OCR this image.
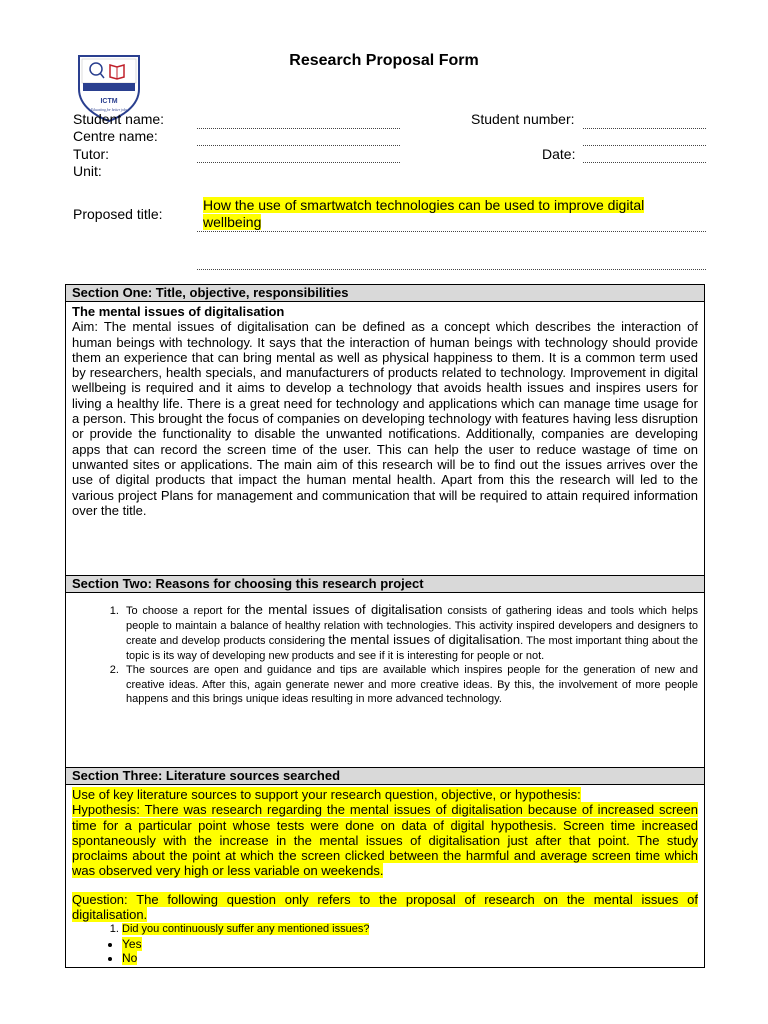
ICTM
Educating for better jobs
Research Proposal Form
Student name:	Student number:
Centre name:
Tutor:	Date:
Unit:
Proposed title:
How the use of smartwatch technologies can be used to improve digital wellbeing
Section One: Title, objective, responsibilities
The mental issues of digitalisation
Aim: The mental issues of digitalisation can be defined as a concept which describes the interaction of human beings with technology. It says that the interaction of human beings with technology should provide them an experience that can bring mental as well as physical happiness to them. It is a common term used by researchers, health specials, and manufacturers of products related to technology. Improvement in digital wellbeing is required and it aims to develop a technology that avoids health issues and inspires users for living a healthy life. There is a great need for technology and applications which can manage time usage for a person. This brought the focus of companies on developing technology with features having less disruption or provide the functionality to disable the unwanted notifications. Additionally, companies are developing apps that can record the screen time of the user. This can help the user to reduce wastage of time on unwanted sites or applications. The main aim of this research will be to find out the issues arrives over the use of digital products that impact the human mental health. Apart from this the research will led to the various project Plans for management and communication that will be required to attain required information over the title.
Section Two: Reasons for choosing this research project
1. To choose a report for the mental issues of digitalisation consists of gathering ideas and tools which helps people to maintain a balance of healthy relation with technologies. This activity inspired developers and designers to create and develop products considering the mental issues of digitalisation. The most important thing about the topic is its way of developing new products and see if it is interesting for people or not.
2. The sources are open and guidance and tips are available which inspires people for the generation of new and creative ideas. After this, again generate newer and more creative ideas. By this, the involvement of more people happens and this brings unique ideas resulting in more advanced technology.
Section Three: Literature sources searched
Use of key literature sources to support your research question, objective, or hypothesis:
Hypothesis: There was research regarding the mental issues of digitalisation because of increased screen time for a particular point whose tests were done on data of digital hypothesis. Screen time increased spontaneously with the increase in the mental issues of digitalisation just after that point. The study proclaims about the point at which the screen clicked between the harmful and average screen time which was observed very high or less variable on weekends.
Question: The following question only refers to the proposal of research on the mental issues of digitalisation.
1. Did you continuously suffer any mentioned issues?
• Yes
• No
